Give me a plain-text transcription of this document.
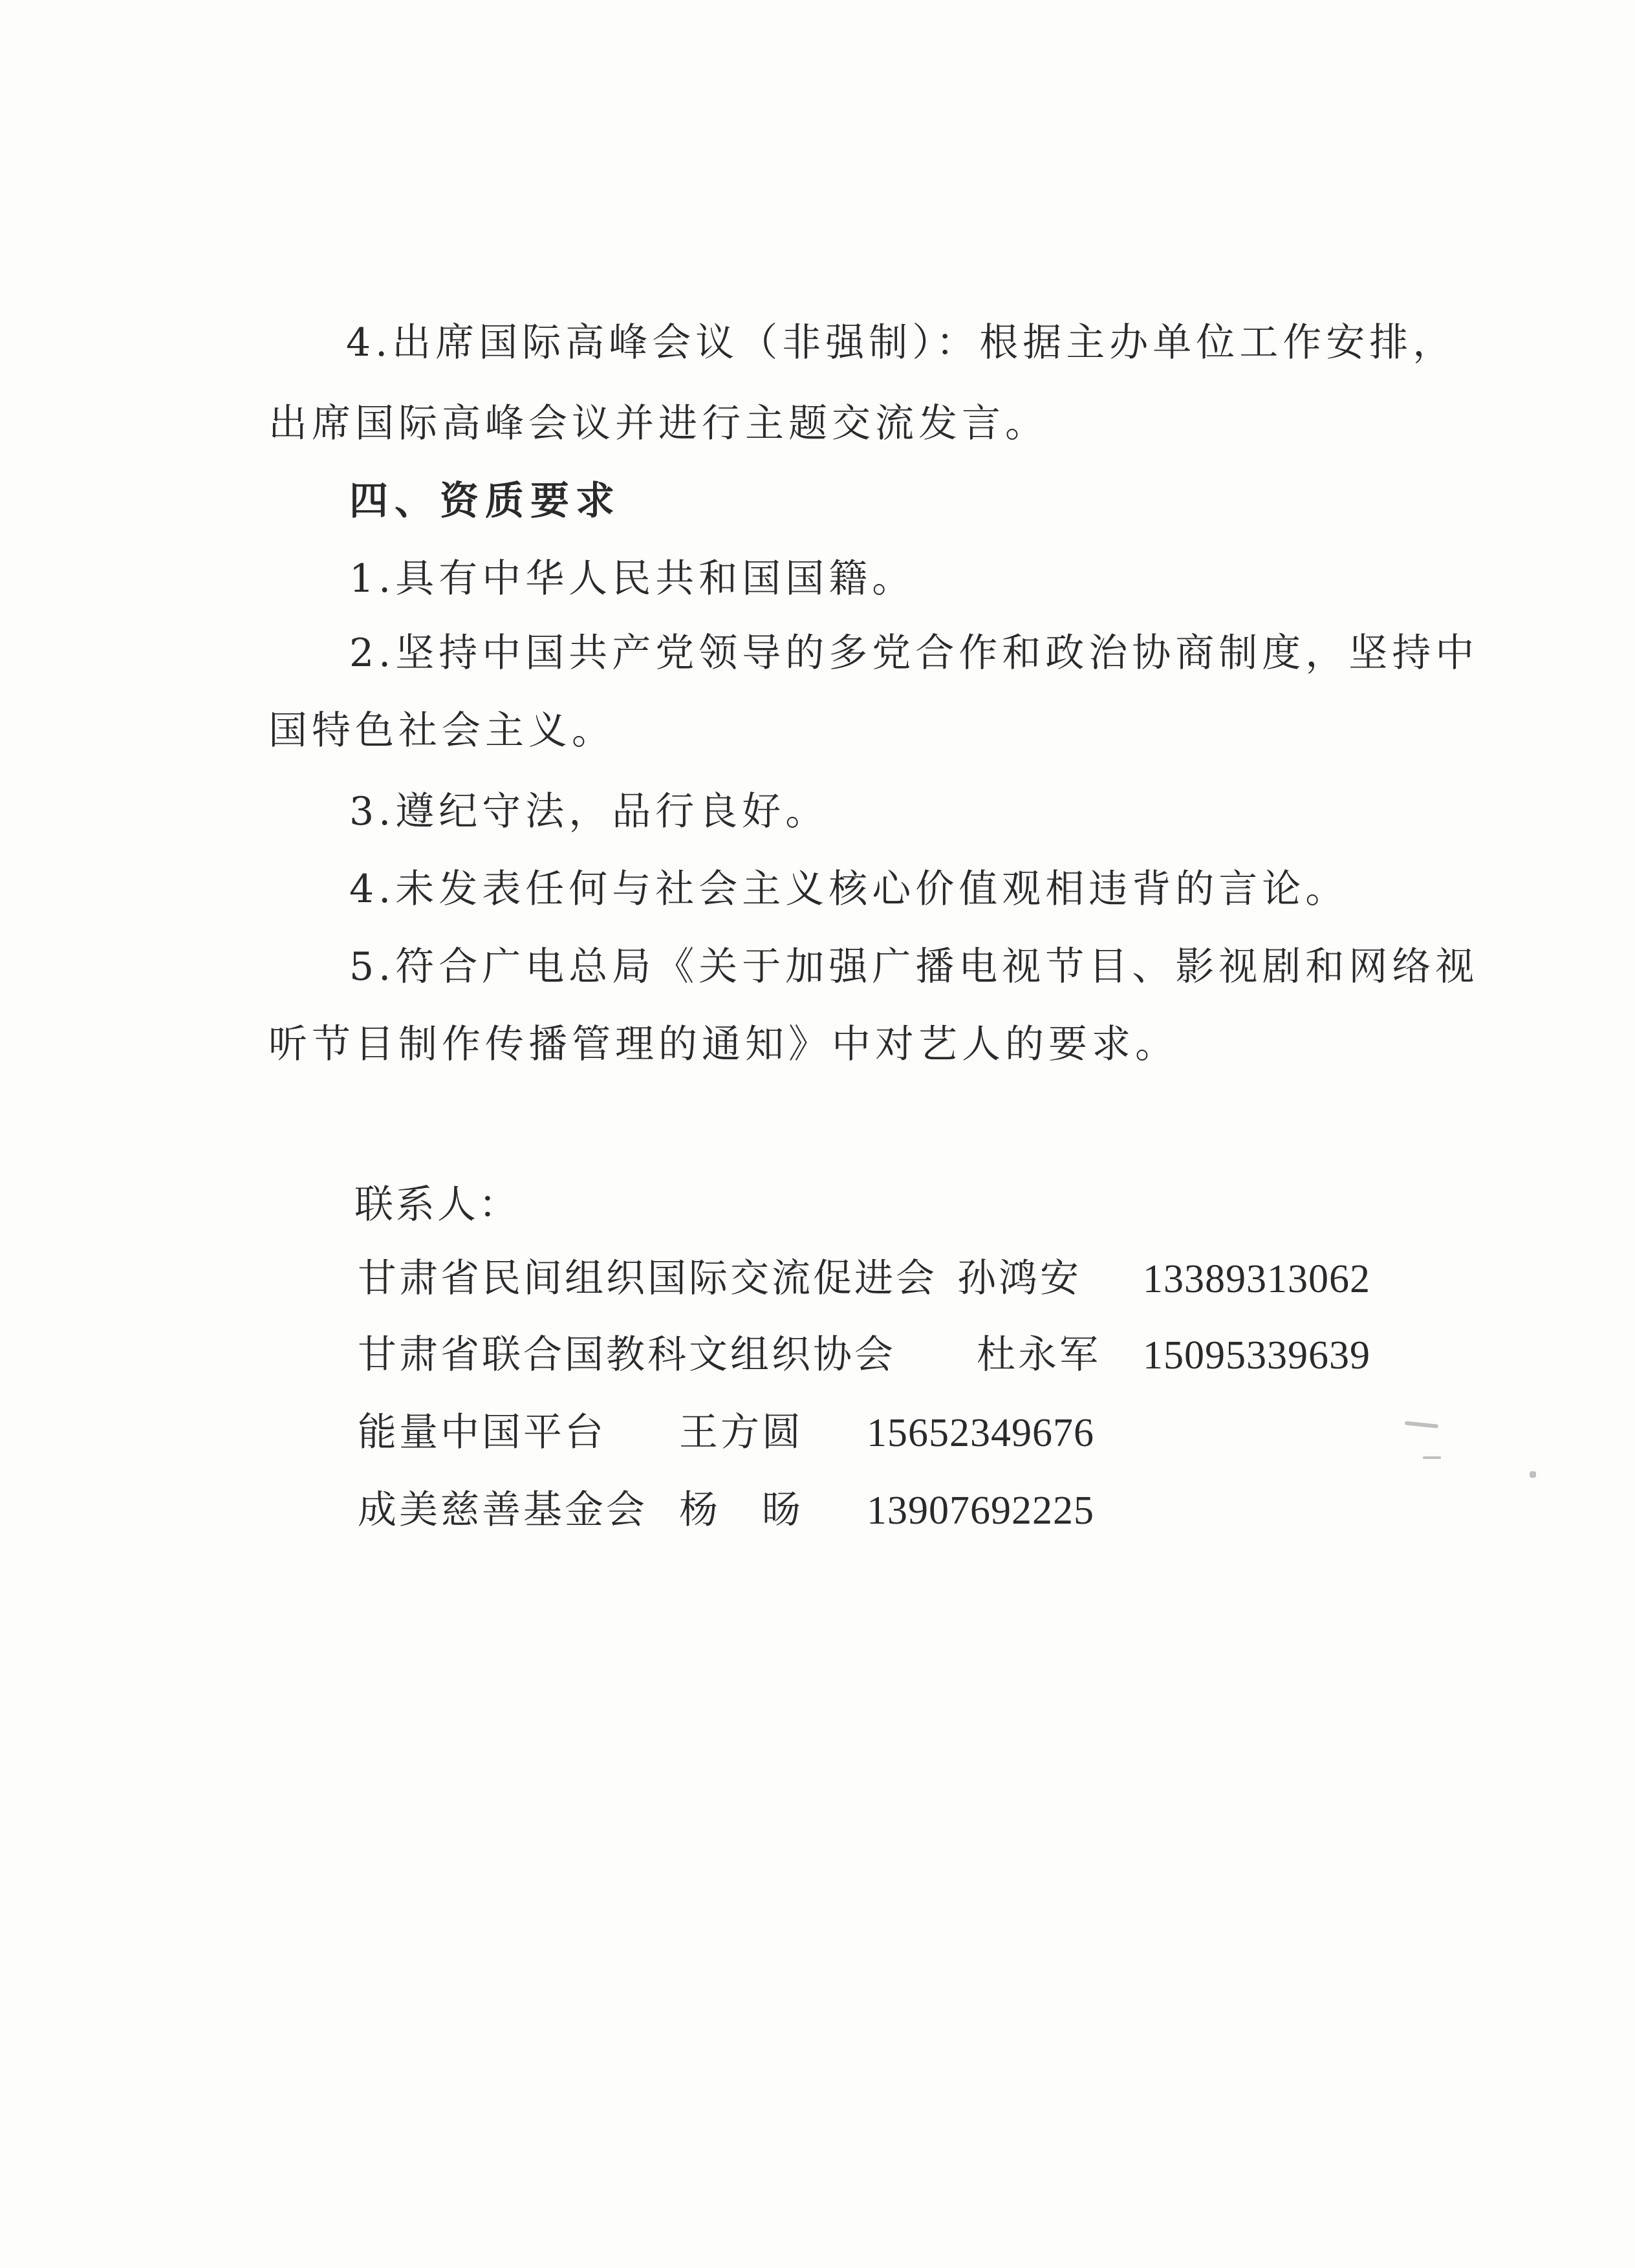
4.出席国际高峰会议（非强制）：根据主办单位工作安排，
出席国际高峰会议并进行主题交流发言。
四、资质要求
1.具有中华人民共和国国籍。
2.坚持中国共产党领导的多党合作和政治协商制度，坚持中
国特色社会主义。
3.遵纪守法，品行良好。
4.未发表任何与社会主义核心价值观相违背的言论。
5.符合广电总局《关于加强广播电视节目、影视剧和网络视
听节目制作传播管理的通知》中对艺人的要求。
联系人：
甘肃省民间组织国际交流促进会 孙鸿安 13389313062
甘肃省联合国教科文组织协会 杜永军 15095339639
能量中国平台 王方圆 15652349676
成美慈善基金会 杨　旸 13907692225
